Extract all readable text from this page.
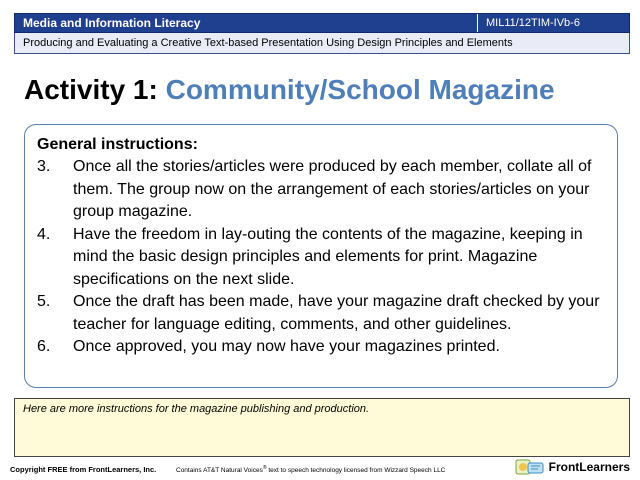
Media and Information Literacy	MIL11/12TIM-IVb-6
Producing and Evaluating a Creative Text-based Presentation Using Design Principles and Elements
Activity 1: Community/School Magazine
General instructions:
3.	Once all the stories/articles were produced by each member, collate all of them. The group now on the arrangement of each stories/articles on your group magazine.
4.	Have the freedom in lay-outing the contents of the magazine, keeping in mind the basic design principles and elements for print. Magazine specifications on the next slide.
5.	Once the draft has been made, have your magazine draft checked by your teacher for language editing, comments, and other guidelines.
6.	Once approved, you may now have your magazines printed.
Here are more instructions for the magazine publishing and production.
Copyright FREE from FrontLearners, Inc.	Contains AT&T Natural Voices® text to speech technology licensed from Wizzard Speech LLC	FrontLearners
